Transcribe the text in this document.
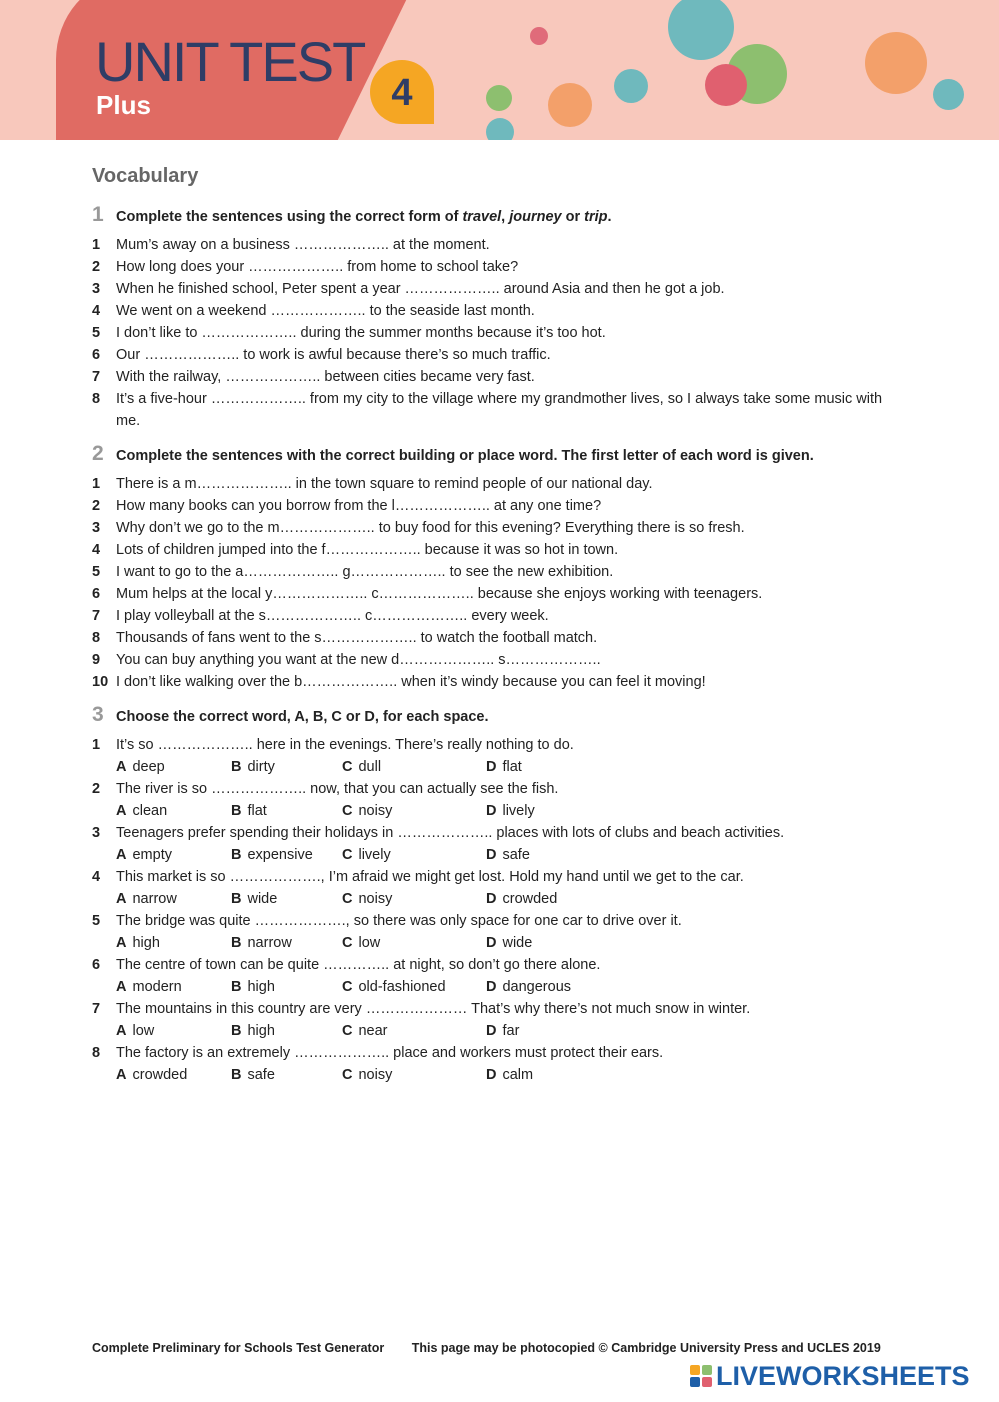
UNIT TEST
Plus	4
Vocabulary
1 Complete the sentences using the correct form of travel, journey or trip.
1	Mum’s away on a business ……………….. at the moment.
2	How long does your ……………….. from home to school take?
3	When he finished school, Peter spent a year ……………….. around Asia and then he got a job.
4	We went on a weekend ……………….. to the seaside last month.
5	I don’t like to ……………….. during the summer months because it’s too hot.
6	Our ……………….. to work is awful because there’s so much traffic.
7	With the railway, ……………….. between cities became very fast.
8	It’s a five-hour ……………….. from my city to the village where my grandmother lives, so I always take some music with me.
2 Complete the sentences with the correct building or place word. The first letter of each word is given.
1	There is a m……………….. in the town square to remind people of our national day.
2	How many books can you borrow from the l……………….. at any one time?
3	Why don’t we go to the m……………….. to buy food for this evening? Everything there is so fresh.
4	Lots of children jumped into the f……………….. because it was so hot in town.
5	I want to go to the a……………….. g……………….. to see the new exhibition.
6	Mum helps at the local y……………….. c……………….. because she enjoys working with teenagers.
7	I play volleyball at the s……………….. c……………….. every week.
8	Thousands of fans went to the s……………….. to watch the football match.
9	You can buy anything you want at the new d……………….. s………………..
10 I don’t like walking over the b……………….. when it’s windy because you can feel it moving!
3 Choose the correct word, A, B, C or D, for each space.
1	It’s so ……………….. here in the evenings. There’s really nothing to do.
A deep	B dirty	C dull	D flat
2	The river is so ……………….. now, that you can actually see the fish.
A clean	B flat	C noisy	D lively
3	Teenagers prefer spending their holidays in ……………….. places with lots of clubs and beach activities.
A empty	B expensive C lively	D safe
4	This market is so ………………., I’m afraid we might get lost. Hold my hand until we get to the car.
A narrow	B wide	C noisy	D crowded
5	The bridge was quite ………………., so there was only space for one car to drive over it.
A high	B narrow	C low	D wide
6	The centre of town can be quite ………….. at night, so don’t go there alone.
A modern	B high	C old-fashioned	D dangerous
7	The mountains in this country are very ………………… That’s why there’s not much snow in winter.
A low	B high	C near	D far
8	The factory is an extremely ……………….. place and workers must protect their ears.
A crowded	B safe	C noisy	D calm
Complete Preliminary for Schools Test Generator This page may be photocopied © Cambridge University Press and UCLES 2019
LIVEWORKSHEETS
